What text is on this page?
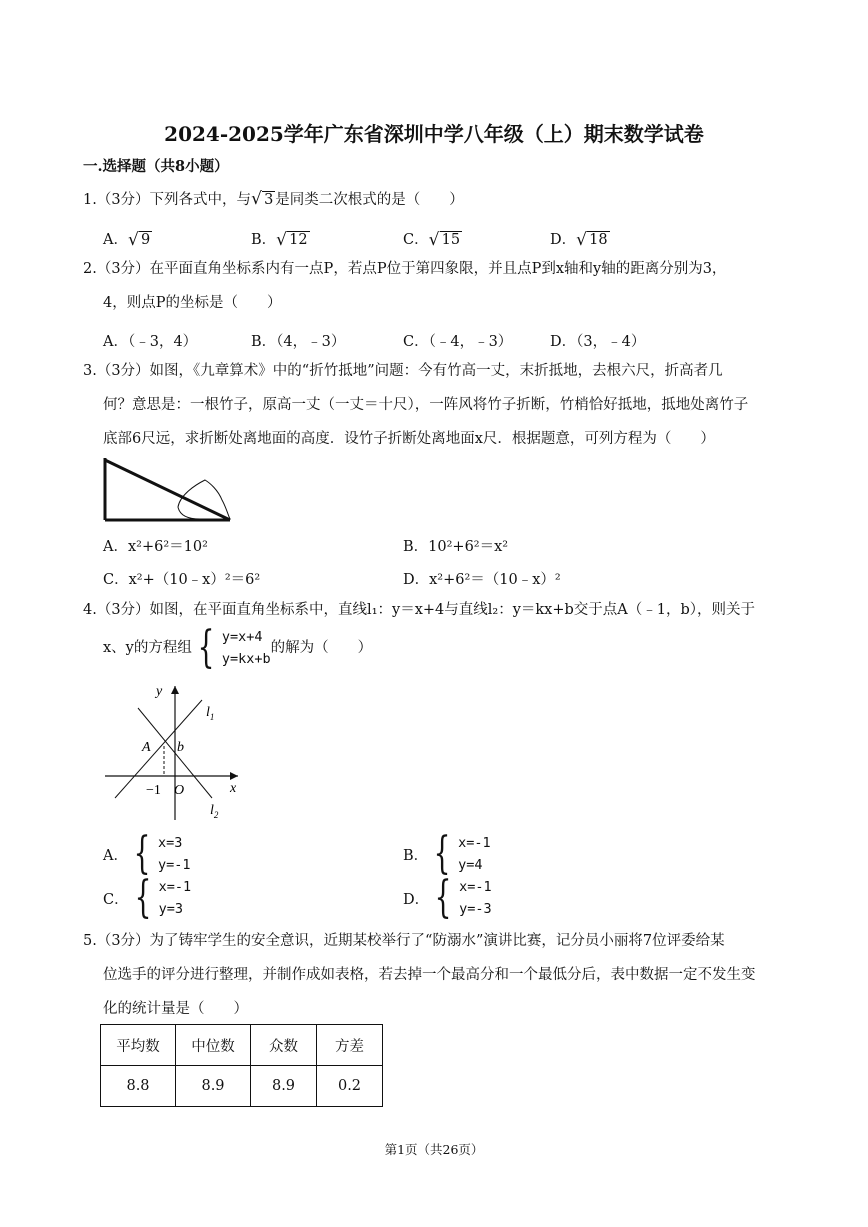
2024-2025学年广东省深圳中学八年级（上）期末数学试卷
一.选择题（共8小题）
1.（3分）下列各式中，与 √ 3 是同类二次根式的是（　　）
A． √ 9	B． √ 12	C． √ 15	D． √ 18
2.（3分）在平面直角坐标系内有一点P，若点P位于第四象限，并且点P到x轴和y轴的距离分别为3，
4，则点P的坐标是（　　）
A．（﹣3，4）	B．（4，﹣3）	C．（﹣4，﹣3）	D．（3，﹣4）
3.（3分）如图，《九章算术》中的“折竹抵地”问题：今有竹高一丈，末折抵地，去根六尺，折高者几
何？意思是：一根竹子，原高一丈（一丈＝十尺），一阵风将竹子折断，竹梢恰好抵地，抵地处离竹子
底部6尺远，求折断处离地面的高度．设竹子折断处离地面x尺．根据题意，可列方程为（　　）
A．x²+6²＝10²	B．10²+6²＝x²
C．x²+（10﹣x）²＝6²	D．x²+6²＝（10﹣x）²
4.（3分）如图，在平面直角坐标系中，直线l₁：y＝x+4与直线l₂：y＝kx+b交于点A（﹣1，b），则关于
x、y的方程组 { y=x+4
y=kx+b
的解为（　　）
y
x
$l_1$
$l_2$
A b
−1 O
A． { x=3
y=-1
B． { x=-1
y=4
C． { x=-1
y=3
D． { x=-1
y=-3
5.（3分）为了铸牢学生的安全意识，近期某校举行了“防溺水”演讲比赛，记分员小丽将7位评委给某
位选手的评分进行整理，并制作成如表格，若去掉一个最高分和一个最低分后，表中数据一定不发生变
化的统计量是（　　）
平均数	中位数	众数	方差
8.8	8.9	8.9	0.2
第1页（共26页）
